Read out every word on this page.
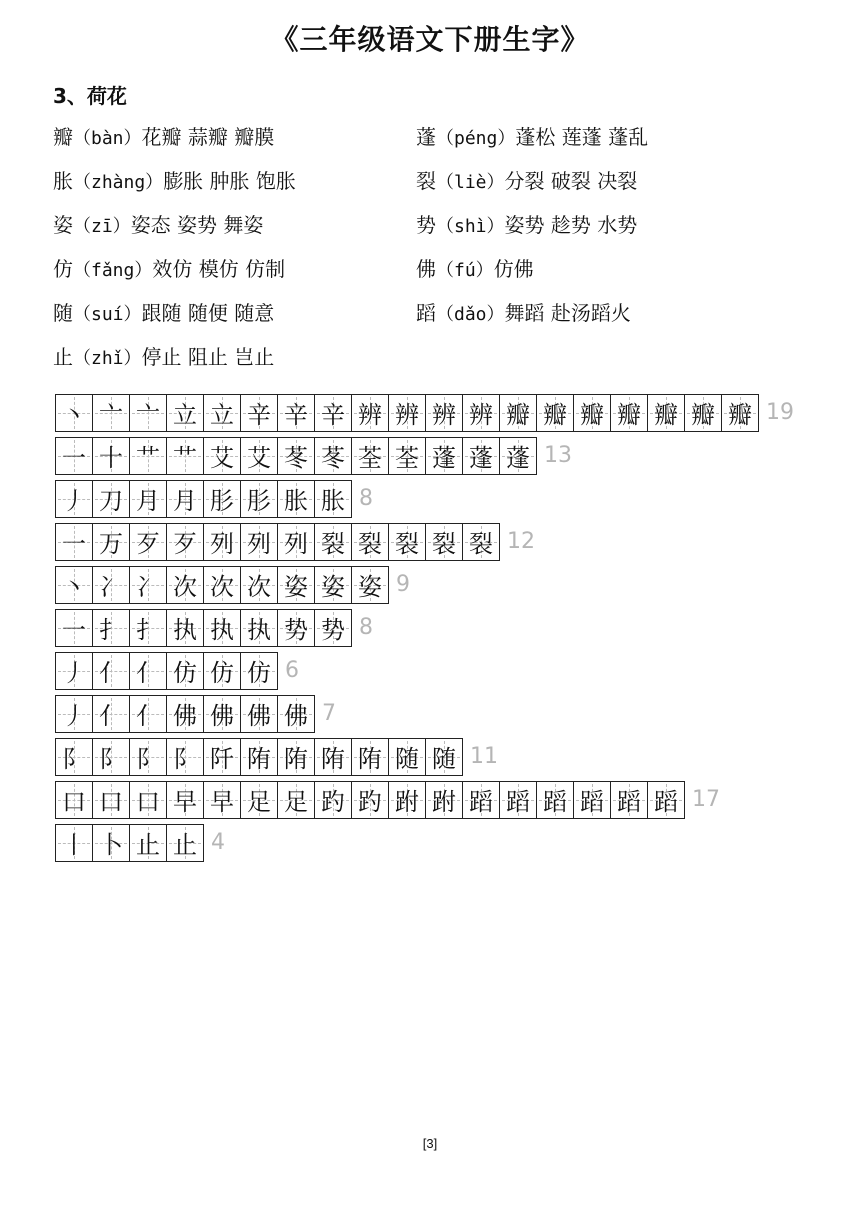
《三年级语文下册生字》
3、荷花
瓣（bàn）花瓣 蒜瓣 瓣膜	蓬（péng）蓬松 莲蓬 蓬乱
胀（zhàng）膨胀 肿胀 饱胀	裂（liè）分裂 破裂 决裂
姿（zī）姿态 姿势 舞姿	势（shì）姿势 趁势 水势
仿（fǎng）效仿 模仿 仿制	佛（fú）仿佛
随（suí）跟随 随便 随意	蹈（dǎo）舞蹈 赴汤蹈火
止（zhǐ）停止 阻止 岂止
丶 亠 亠 立 立 辛 辛 辛 辨 辨 辨 辨 瓣 瓣 瓣 瓣 瓣 瓣 瓣 19
一 十 艹 艹 艾 艾 苳 苳 荃 荃 蓬 蓬 蓬 13
丿 刀 月 月 肜 肜 胀 胀 8
一 万 歹 歹 列 列 列 裂 裂 裂 裂 裂 12
丶 冫 冫 次 次 次 姿 姿 姿 9
一 扌 扌 执 执 执 势 势 8
丿 亻 亻 仿 仿 仿 6
丿 亻 亻 佛 佛 佛 佛 7
阝 阝 阝 阝 阡 陏 陏 陏 陏 随 随 11
口 口 口 早 早 足 足 趵 趵 跗 跗 蹈 蹈 蹈 蹈 蹈 蹈 17
丨 卜 止 止 4
[3]
